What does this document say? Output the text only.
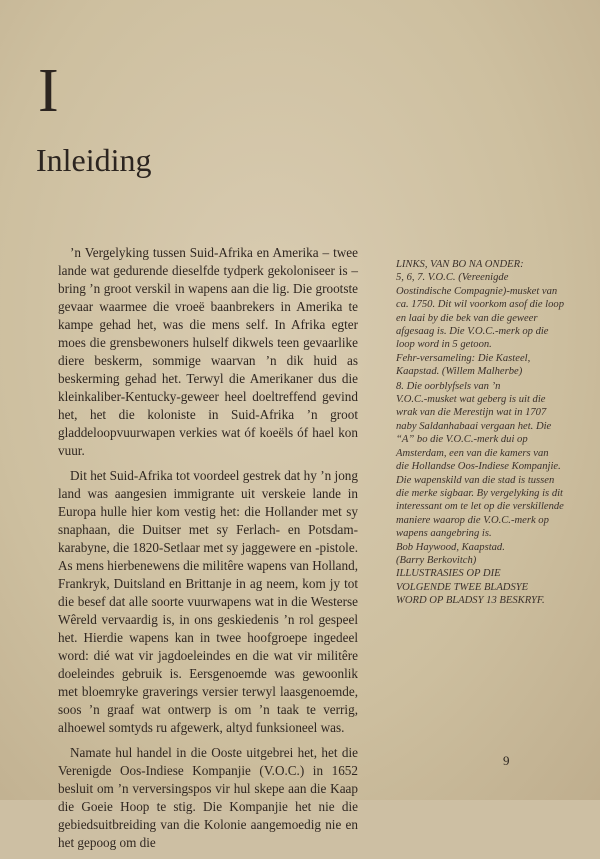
I
Inleiding

’n Vergelyking tussen Suid-Afrika en Amerika – twee lande wat gedurende dieselfde tydperk gekoloniseer is – bring ’n groot verskil in wapens aan die lig. Die grootste gevaar waarmee die vroeë baanbrekers in Amerika te kampe gehad het, was die mens self. In Afrika egter moes die grensbewoners hulself dikwels teen gevaarlike diere beskerm, sommige waarvan ’n dik huid as beskerming gehad het. Terwyl die Amerikaner dus die kleinkaliber-Kentucky-geweer heel doeltreffend gevind het, het die koloniste in Suid-Afrika ’n groot gladdeloopvuurwapen verkies wat óf koeëls óf hael kon vuur.

Dit het Suid-Afrika tot voordeel gestrek dat hy ’n jong land was aangesien immigrante uit verskeie lande in Europa hulle hier kom vestig het: die Hollander met sy snaphaan, die Duitser met sy Ferlach- en Potsdam-karabyne, die 1820-Setlaar met sy jaggewere en -pistole. As mens hierbenewens die militêre wapens van Holland, Frankryk, Duitsland en Brittanje in ag neem, kom jy tot die besef dat alle soorte vuurwapens wat in die Westerse Wêreld vervaardig is, in ons geskiedenis ’n rol gespeel het. Hierdie wapens kan in twee hoofgroepe ingedeel word: dié wat vir jagdoeleindes en die wat vir militêre doeleindes gebruik is. Eersgenoemde was gewoonlik met bloemryke graverings versier terwyl laasgenoemde, soos ’n graaf wat ontwerp is om ’n taak te verrig, alhoewel somtyds ru afgewerk, altyd funksioneel was.

Namate hul handel in die Ooste uitgebrei het, het die Verenigde Oos-Indiese Kompanjie (V.O.C.) in 1652 besluit om ’n verversingspos vir hul skepe aan die Kaap die Goeie Hoop te stig. Die Kompanjie het nie die gebiedsuitbreiding van die Kolonie aangemoedig nie en het gepoog om die

LINKS, VAN BO NA ONDER:
5, 6, 7. V.O.C. (Vereenigde
Oostindische Compagnie)-musket van
ca. 1750. Dit wil voorkom asof die loop
en laai by die bek van die geweer
afgesaag is. Die V.O.C.-merk op die
loop word in 5 getoon.
Fehr-versameling: Die Kasteel,
Kaapstad. (Willem Malherbe)
8. Die oorblyfsels van ’n
V.O.C.-musket wat geberg is uit die
wrak van die Merestijn wat in 1707
naby Saldanhabaai vergaan het. Die
“A” bo die V.O.C.-merk dui op
Amsterdam, een van die kamers van
die Hollandse Oos-Indiese Kompanjie.
Die wapenskild van die stad is tussen
die merke sigbaar. By vergelyking is dit
interessant om te let op die verskillende
maniere waarop die V.O.C.-merk op
wapens aangebring is.
Bob Haywood, Kaapstad.
(Barry Berkovitch)
ILLUSTRASIES OP DIE
VOLGENDE TWEE BLADSYE
WORD OP BLADSY 13 BESKRYF.
9
